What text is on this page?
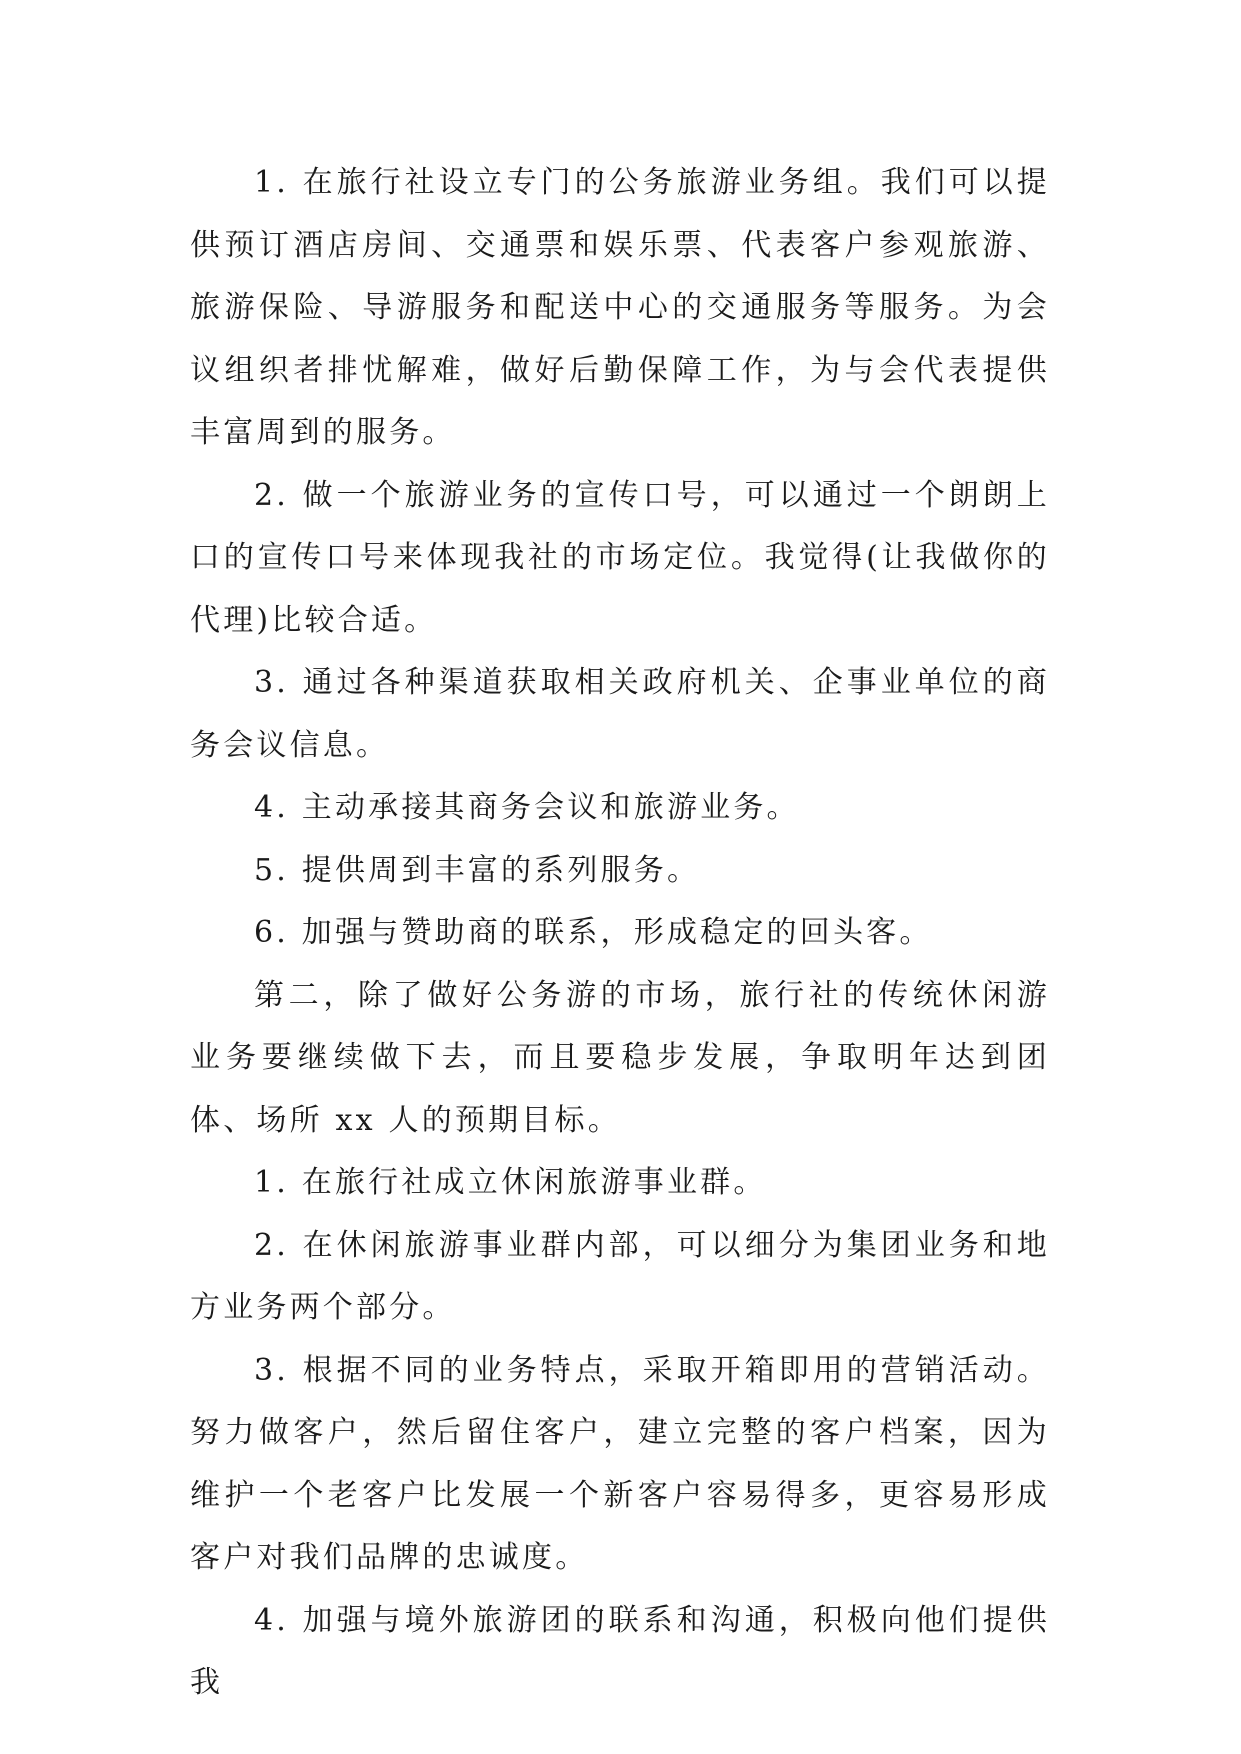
1. 在旅行社设立专门的公务旅游业务组。我们可以提供预订酒店房间、交通票和娱乐票、代表客户参观旅游、旅游保险、导游服务和配送中心的交通服务等服务。为会议组织者排忧解难，做好后勤保障工作，为与会代表提供丰富周到的服务。

2. 做一个旅游业务的宣传口号，可以通过一个朗朗上口的宣传口号来体现我社的市场定位。我觉得(让我做你的代理)比较合适。

3. 通过各种渠道获取相关政府机关、企事业单位的商务会议信息。

4. 主动承接其商务会议和旅游业务。

5. 提供周到丰富的系列服务。

6. 加强与赞助商的联系，形成稳定的回头客。

第二，除了做好公务游的市场，旅行社的传统休闲游业务要继续做下去，而且要稳步发展，争取明年达到团体、场所 xx 人的预期目标。

1. 在旅行社成立休闲旅游事业群。

2. 在休闲旅游事业群内部，可以细分为集团业务和地方业务两个部分。

3. 根据不同的业务特点，采取开箱即用的营销活动。努力做客户，然后留住客户，建立完整的客户档案，因为维护一个老客户比发展一个新客户容易得多，更容易形成客户对我们品牌的忠诚度。

4. 加强与境外旅游团的联系和沟通，积极向他们提供我
